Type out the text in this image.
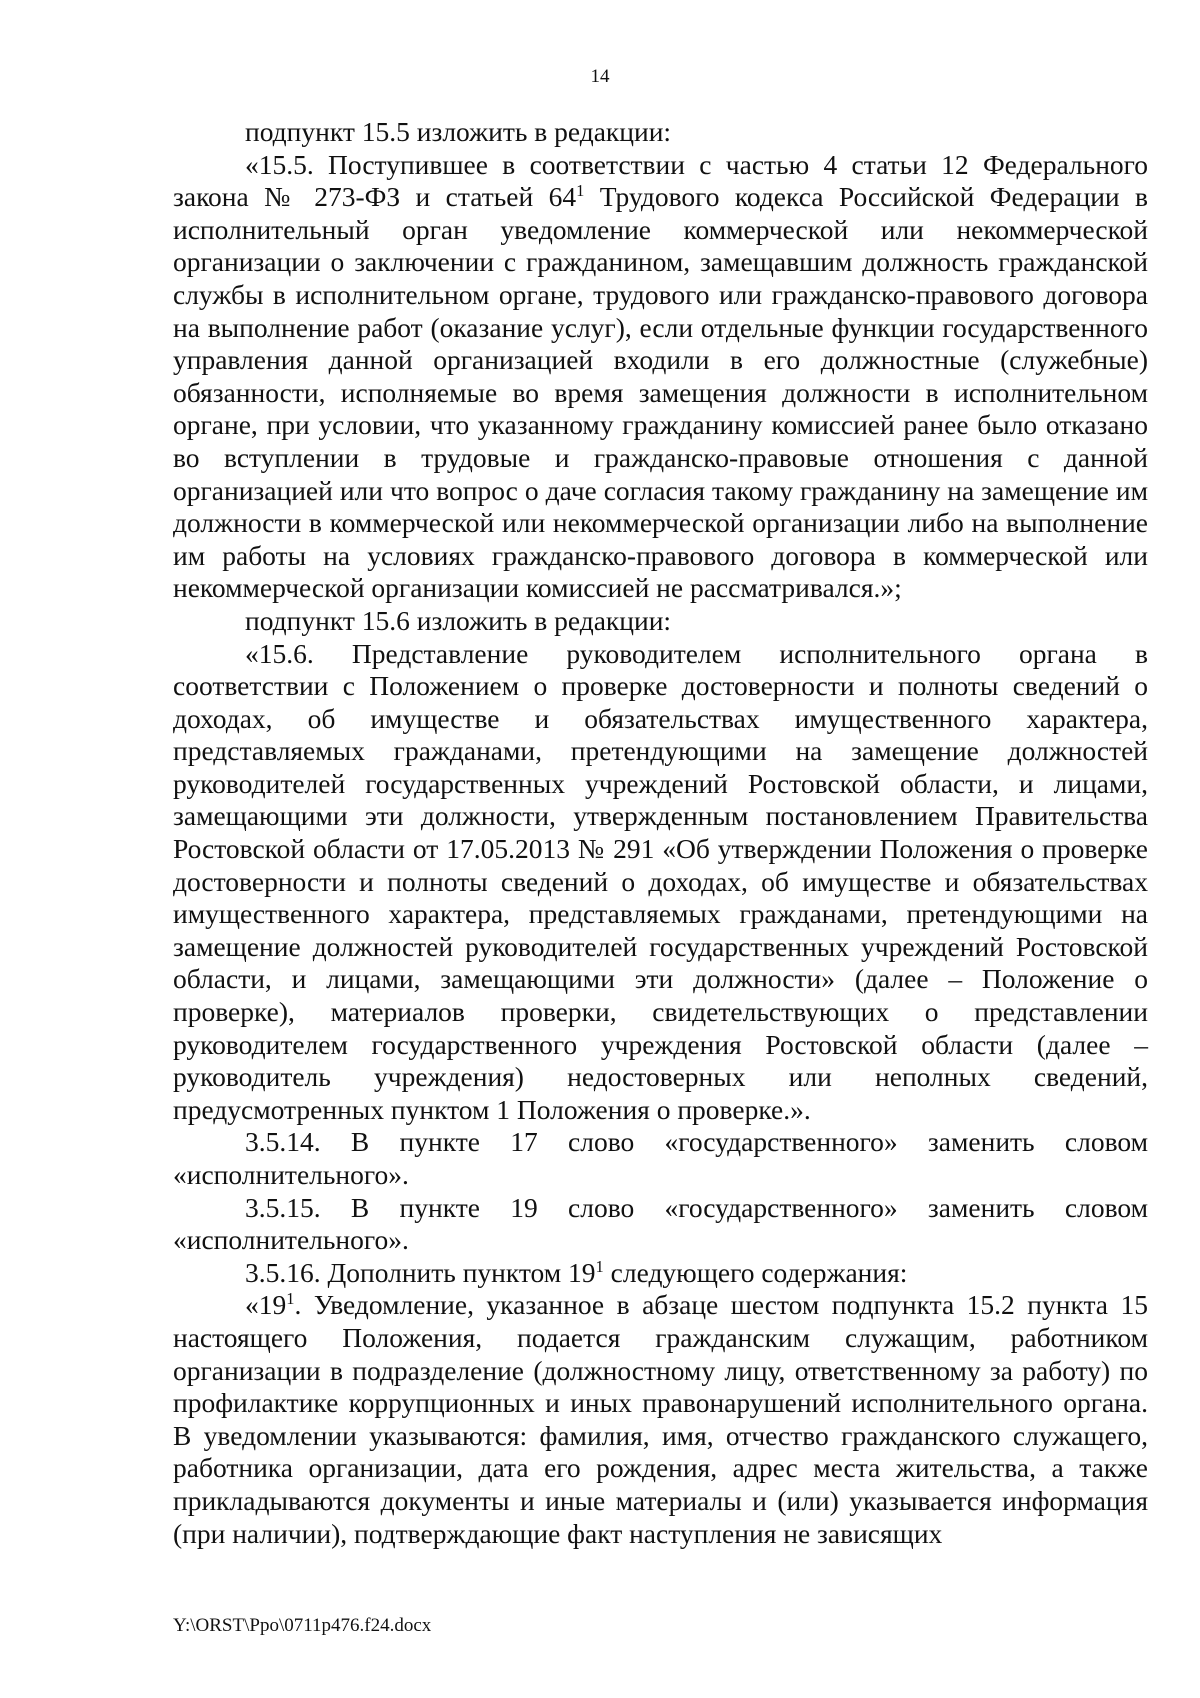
14

подпункт 15.5 изложить в редакции:

«15.5. Поступившее в соответствии с частью 4 статьи 12 Федерального закона № 273-ФЗ и статьей $64^1$ Трудового кодекса Российской Федерации в исполнительный орган уведомление коммерческой или некоммерческой организации о заключении с гражданином, замещавшим должность гражданской службы в исполнительном органе, трудового или гражданско-правового договора на выполнение работ (оказание услуг), если отдельные функции государственного управления данной организацией входили в его должностные (служебные) обязанности, исполняемые во время замещения должности в исполнительном органе, при условии, что указанному гражданину комиссией ранее было отказано во вступлении в трудовые и гражданско-правовые отношения с данной организацией или что вопрос о даче согласия такому гражданину на замещение им должности в коммерческой или некоммерческой организации либо на выполнение им работы на условиях гражданско-правового договора в коммерческой или некоммерческой организации комиссией не рассматривался.»;

подпункт 15.6 изложить в редакции:

«15.6. Представление руководителем исполнительного органа в соответствии с Положением о проверке достоверности и полноты сведений о доходах, об имуществе и обязательствах имущественного характера, представляемых гражданами, претендующими на замещение должностей руководителей государственных учреждений Ростовской области, и лицами, замещающими эти должности, утвержденным постановлением Правительства Ростовской области от 17.05.2013 № 291 «Об утверждении Положения о проверке достоверности и полноты сведений о доходах, об имуществе и обязательствах имущественного характера, представляемых гражданами, претендующими на замещение должностей руководителей государственных учреждений Ростовской области, и лицами, замещающими эти должности» (далее – Положение о проверке), материалов проверки, свидетельствующих о представлении руководителем государственного учреждения Ростовской области (далее – руководитель учреждения) недостоверных или неполных сведений, предусмотренных пунктом 1 Положения о проверке.».

3.5.14. В пункте 17 слово «государственного» заменить словом «исполнительного».

3.5.15. В пункте 19 слово «государственного» заменить словом «исполнительного».

3.5.16. Дополнить пунктом $19^1$ следующего содержания:

«$19^1$. Уведомление, указанное в абзаце шестом подпункта 15.2 пункта 15 настоящего Положения, подается гражданским служащим, работником организации в подразделение (должностному лицу, ответственному за работу) по профилактике коррупционных и иных правонарушений исполнительного органа. В уведомлении указываются: фамилия, имя, отчество гражданского служащего, работника организации, дата его рождения, адрес места жительства, а также прикладываются документы и иные материалы и (или) указывается информация (при наличии), подтверждающие факт наступления не зависящих

Y:\ORST\Ppo\0711p476.f24.docx
